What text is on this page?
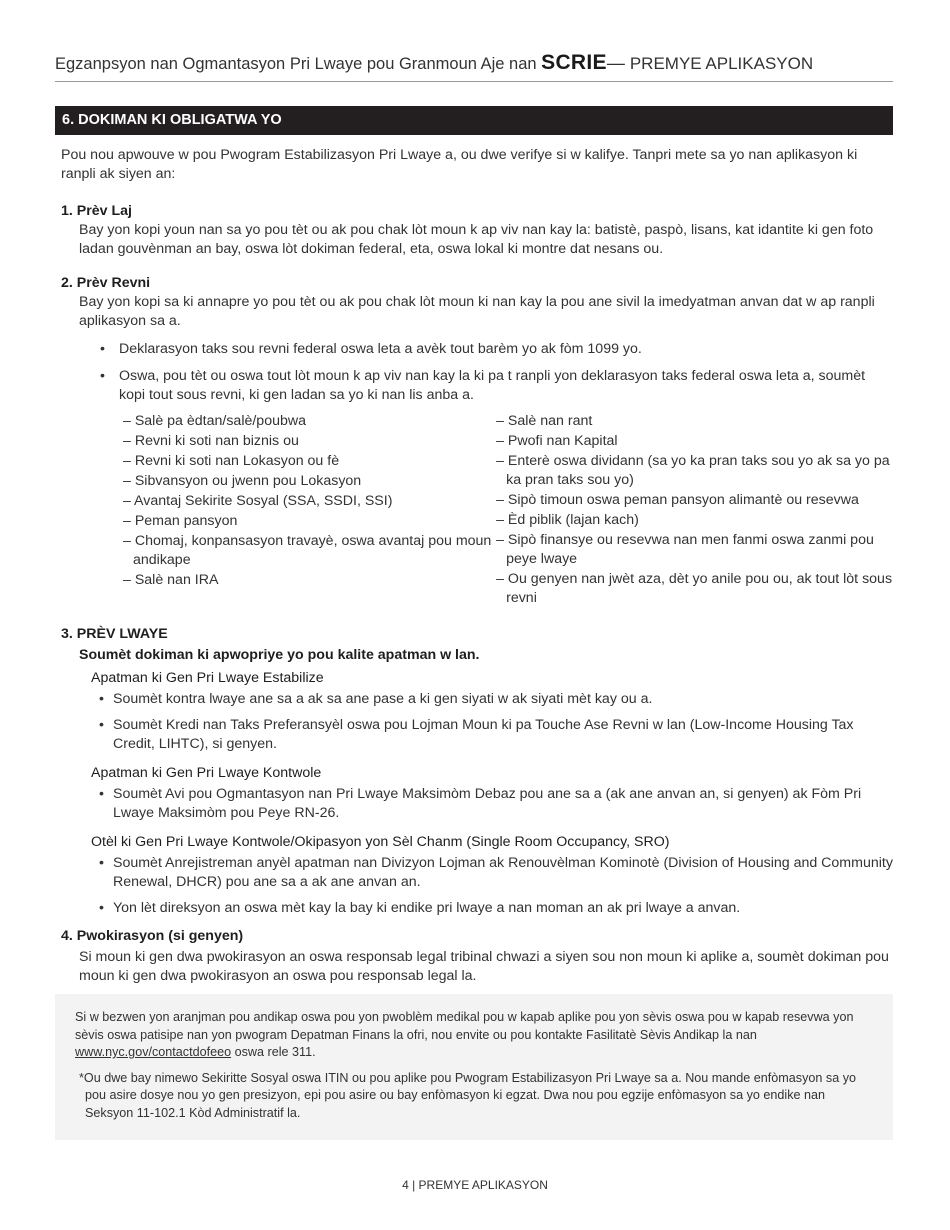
Egzanpsyon nan Ogmantasyon Pri Lwaye pou Granmoun Aje nan SCRIE— PREMYE APLIKASYON
6. DOKIMAN KI OBLIGATWA YO

Pou nou apwouve w pou Pwogram Estabilizasyon Pri Lwaye a, ou dwe verifye si w kalifye. Tanpri mete sa yo nan aplikasyon ki ranpli ak siyen an:

1. Prèv Laj

Bay yon kopi youn nan sa yo pou tèt ou ak pou chak lòt moun k ap viv nan kay la: batistè, paspò, lisans, kat idantite ki gen foto ladan gouvènman an bay, oswa lòt dokiman federal, eta, oswa lokal ki montre dat nesans ou.

2. Prèv Revni

Bay yon kopi sa ki annapre yo pou tèt ou ak pou chak lòt moun ki nan kay la pou ane sivil la imedyatman anvan dat w ap ranpli aplikasyon sa a.

• Deklarasyon taks sou revni federal oswa leta a avèk tout barèm yo ak fòm 1099 yo.

• Oswa, pou tèt ou oswa tout lòt moun k ap viv nan kay la ki pa t ranpli yon deklarasyon taks federal oswa leta a, soumèt kopi tout sous revni, ki gen ladan sa yo ki nan lis anba a.

– Salè pa èdtan/salè/poubwa

– Revni ki soti nan biznis ou

– Revni ki soti nan Lokasyon ou fè

– Sibvansyon ou jwenn pou Lokasyon

– Avantaj Sekirite Sosyal (SSA, SSDI, SSI)

– Peman pansyon

– Chomaj, konpansasyon travayè, oswa avantaj pou moun andikape

– Salè nan IRA

– Salè nan rant

– Pwofi nan Kapital

– Enterè oswa dividann (sa yo ka pran taks sou yo ak sa yo pa ka pran taks sou yo)

– Sipò timoun oswa peman pansyon alimantè ou resevwa

– Èd piblik (lajan kach)

– Sipò finansye ou resevwa nan men fanmi oswa zanmi pou peye lwaye

– Ou genyen nan jwèt aza, dèt yo anile pou ou, ak tout lòt sous revni

3. PRÈV LWAYE

Soumèt dokiman ki apwopriye yo pou kalite apatman w lan.

Apatman ki Gen Pri Lwaye Estabilize

• Soumèt kontra lwaye ane sa a ak sa ane pase a ki gen siyati w ak siyati mèt kay ou a.

• Soumèt Kredi nan Taks Preferansyèl oswa pou Lojman Moun ki pa Touche Ase Revni w lan (Low-Income Housing Tax Credit, LIHTC), si genyen.

Apatman ki Gen Pri Lwaye Kontwole

• Soumèt Avi pou Ogmantasyon nan Pri Lwaye Maksimòm Debaz pou ane sa a (ak ane anvan an, si genyen) ak Fòm Pri Lwaye Maksimòm pou Peye RN-26.

Otèl ki Gen Pri Lwaye Kontwole/Okipasyon yon Sèl Chanm (Single Room Occupancy, SRO)

• Soumèt Anrejistreman anyèl apatman nan Divizyon Lojman ak Renouvèlman Kominotè (Division of Housing and Community Renewal, DHCR) pou ane sa a ak ane anvan an.

• Yon lèt direksyon an oswa mèt kay la bay ki endike pri lwaye a nan moman an ak pri lwaye a anvan.

4. Pwokirasyon (si genyen)

Si moun ki gen dwa pwokirasyon an oswa responsab legal tribinal chwazi a siyen sou non moun ki aplike a, soumèt dokiman pou moun ki gen dwa pwokirasyon an oswa pou responsab legal la.

Si w bezwen yon aranjman pou andikap oswa pou yon pwoblèm medikal pou w kapab aplike pou yon sèvis oswa pou w kapab resevwa yon sèvis oswa patisipe nan yon pwogram Depatman Finans la ofri, nou envite ou pou kontakte Fasilitatè Sèvis Andikap la nan www.nyc.gov/contactdofeeo oswa rele 311.

*Ou dwe bay nimewo Sekiritte Sosyal oswa ITIN ou pou aplike pou Pwogram Estabilizasyon Pri Lwaye sa a. Nou mande enfòmasyon sa yo pou asire dosye nou yo gen presizyon, epi pou asire ou bay enfòmasyon ki egzat. Dwa nou pou egzije enfòmasyon sa yo endike nan Seksyon 11-102.1 Kòd Administratif la.

4 | PREMYE APLIKASYON
